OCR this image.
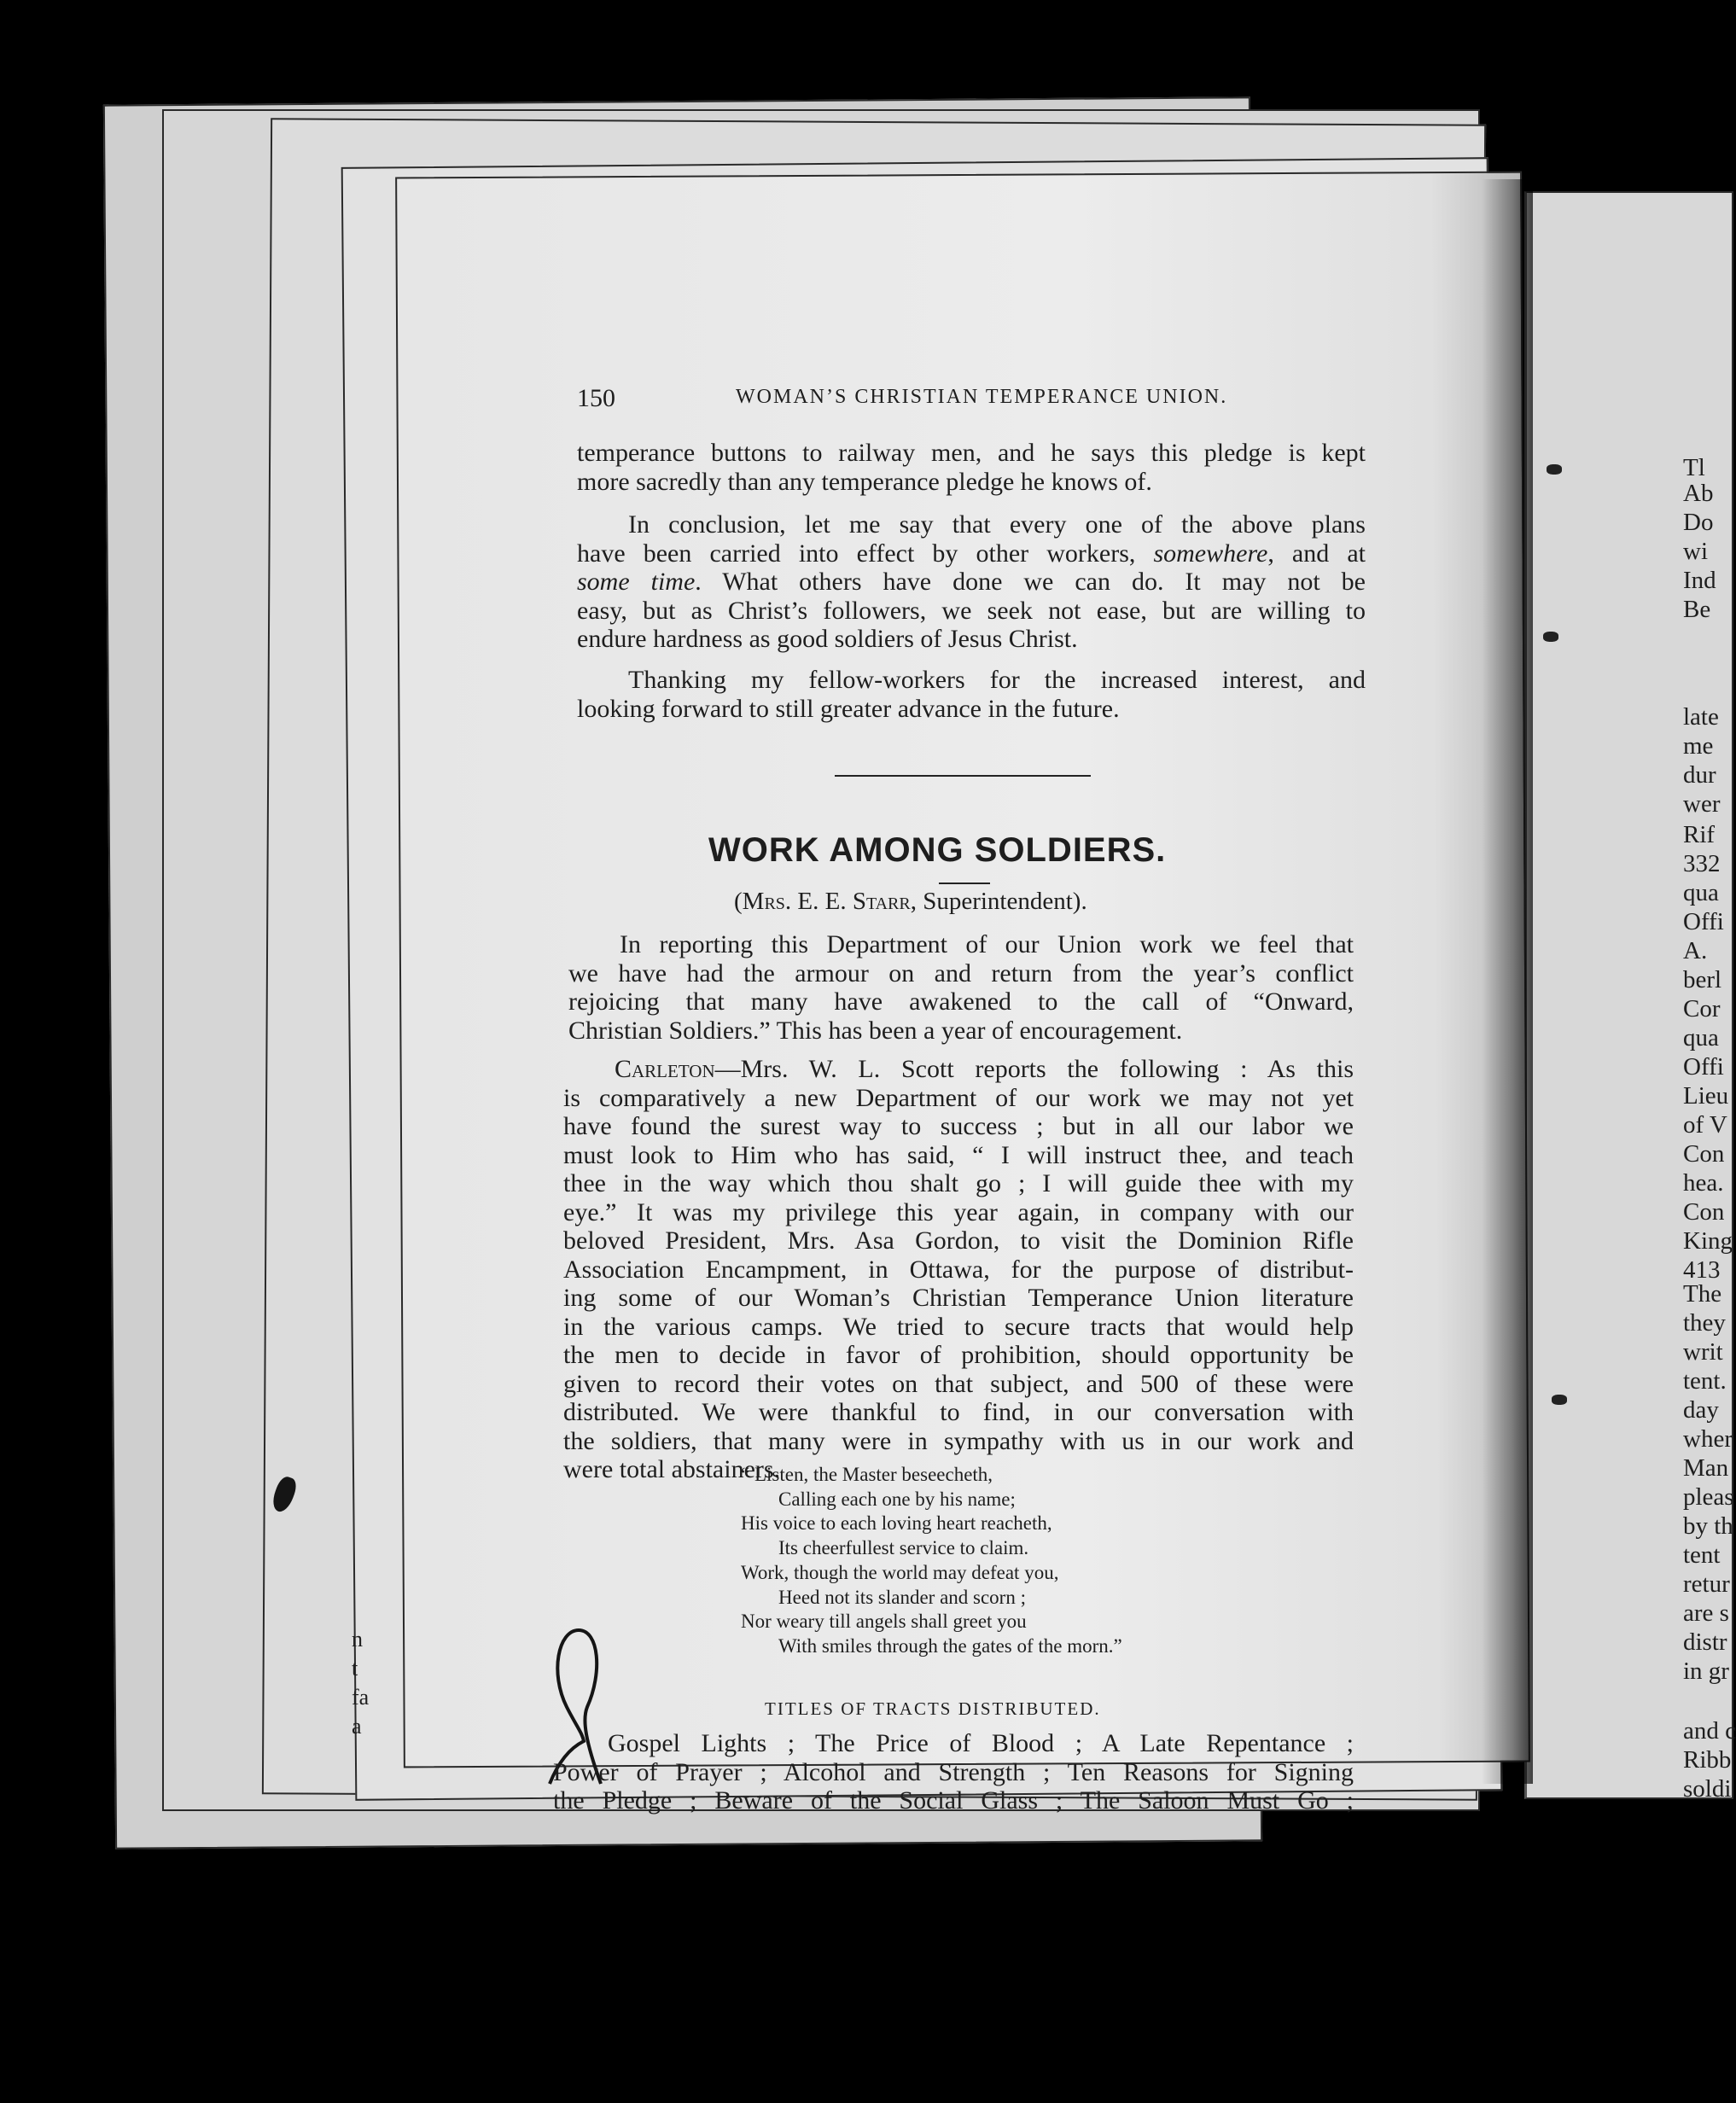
n
t
fa
a
Tl
Ab
Do
wi
Ind
Be
late
me
dur
wer
Rif
332
qua
Offi
A.
berl
Cor
qua
Offi
Lieu
of V
Con
hea.
Con
King
413
The
they
writ
tent.
day
wher
Man
pleas
by th
tent
retur
are s
distr
in gr
and c
Ribb
soldi
150	WOMAN’S CHRISTIAN TEMPERANCE UNION.
temperance buttons to railway men, and he says this pledge is kept
more sacredly than any temperance pledge he knows of.
In conclusion, let me say that every one of the above plans
have been carried into effect by other workers, somewhere, and at
some time. What others have done we can do. It may not be
easy, but as Christ’s followers, we seek not ease, but are willing to
endure hardness as good soldiers of Jesus Christ.
Thanking my fellow-workers for the increased interest, and
looking forward to still greater advance in the future.
WORK AMONG SOLDIERS.
(Mrs. E. E. Starr, Superintendent).
In reporting this Department of our Union work we feel that
we have had the armour on and return from the year’s conflict
rejoicing that many have awakened to the call of “Onward,
Christian Soldiers.” This has been a year of encouragement.
Carleton—Mrs. W. L. Scott reports the following : As this
is comparatively a new Department of our work we may not yet
have found the surest way to success ; but in all our labor we
must look to Him who has said, “ I will instruct thee, and teach
thee in the way which thou shalt go ; I will guide thee with my
eye.” It was my privilege this year again, in company with our
beloved President, Mrs. Asa Gordon, to visit the Dominion Rifle
Association Encampment, in Ottawa, for the purpose of distribut-
ing some of our Woman’s Christian Temperance Union literature
in the various camps. We tried to secure tracts that would help
the men to decide in favor of prohibition, should opportunity be
given to record their votes on that subject, and 500 of these were
distributed. We were thankful to find, in our conversation with
the soldiers, that many were in sympathy with us in our work and
were total abstainers.
“ Listen, the Master beseecheth,
Calling each one by his name;
His voice to each loving heart reacheth,
Its cheerfullest service to claim.
Work, though the world may defeat you,
Heed not its slander and scorn ;
Nor weary till angels shall greet you
With smiles through the gates of the morn.”
TITLES OF TRACTS DISTRIBUTED.
Gospel Lights ; The Price of Blood ; A Late Repentance ;
Power of Prayer ; Alcohol and Strength ; Ten Reasons for Signing
the Pledge ; Beware of the Social Glass ; The Saloon Must Go ;
